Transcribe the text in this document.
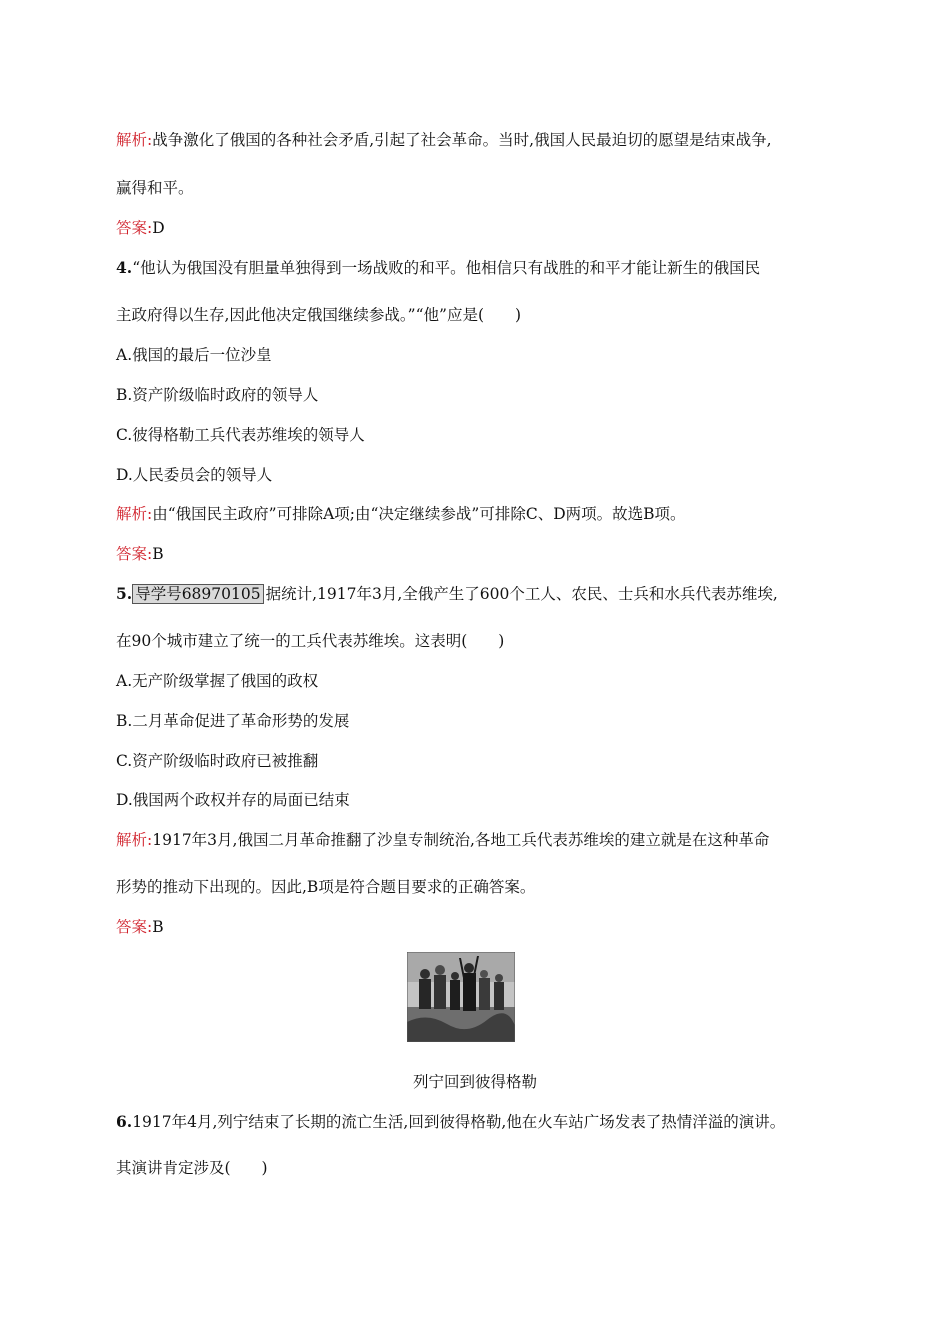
解析:战争激化了俄国的各种社会矛盾,引起了社会革命。当时,俄国人民最迫切的愿望是结束战争,
赢得和平。
答案:D
4.“他认为俄国没有胆量单独得到一场战败的和平。他相信只有战胜的和平才能让新生的俄国民
主政府得以生存,因此他决定俄国继续参战。”“他”应是(　　)
A.俄国的最后一位沙皇
B.资产阶级临时政府的领导人
C.彼得格勒工兵代表苏维埃的领导人
D.人民委员会的领导人
解析:由“俄国民主政府”可排除A项;由“决定继续参战”可排除C、D两项。故选B项。
答案:B
5. 导学号68970105 据统计,1917年3月,全俄产生了600个工人、农民、士兵和水兵代表苏维埃,
在90个城市建立了统一的工兵代表苏维埃。这表明(　　)
A.无产阶级掌握了俄国的政权
B.二月革命促进了革命形势的发展
C.资产阶级临时政府已被推翻
D.俄国两个政权并存的局面已结束
解析:1917年3月,俄国二月革命推翻了沙皇专制统治,各地工兵代表苏维埃的建立就是在这种革命
形势的推动下出现的。因此,B项是符合题目要求的正确答案。
答案:B
列宁回到彼得格勒
6.1917年4月,列宁结束了长期的流亡生活,回到彼得格勒,他在火车站广场发表了热情洋溢的演讲。
其演讲肯定涉及(　　)
